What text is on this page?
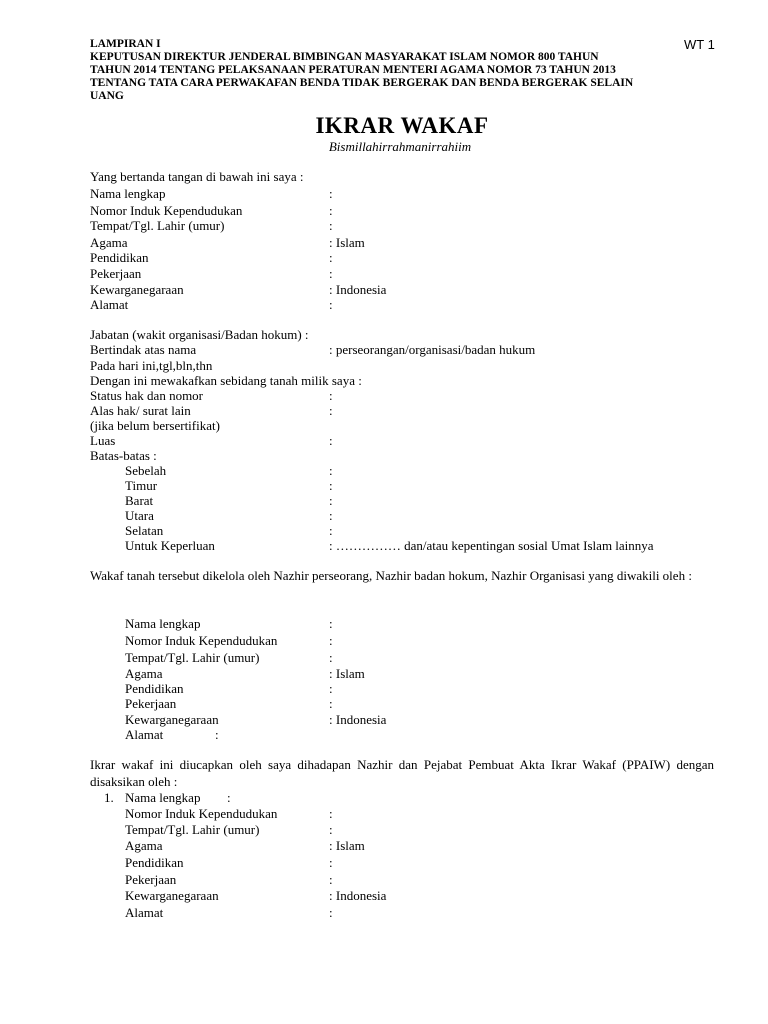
WT 1
LAMPIRAN I
KEPUTUSAN DIREKTUR JENDERAL BIMBINGAN MASYARAKAT ISLAM NOMOR 800 TAHUN
TAHUN 2014 TENTANG PELAKSANAAN PERATURAN MENTERI AGAMA NOMOR 73 TAHUN 2013
TENTANG TATA CARA PERWAKAFAN BENDA TIDAK BERGERAK DAN BENDA BERGERAK SELAIN
UANG
IKRAR WAKAF
Bismillahirrahmanirrahiim
Yang bertanda tangan di bawah ini saya :
Nama lengkap	:
Nomor Induk Kependudukan	:
Tempat/Tgl. Lahir (umur)	:
Agama	: Islam
Pendidikan	:
Pekerjaan	:
Kewarganegaraan	: Indonesia
Alamat	:
Jabatan (wakit organisasi/Badan hokum) :
Bertindak atas nama	: perseorangan/organisasi/badan hukum
Pada hari ini,tgl,bln,thn
Dengan ini mewakafkan sebidang tanah milik saya :
Status hak dan nomor	:
Alas hak/ surat lain	:
(jika belum bersertifikat)
Luas	:
Batas-batas :
Sebelah	:
Timur	:
Barat	:
Utara	:
Selatan	:
Untuk Keperluan	: …………… dan/atau kepentingan sosial Umat Islam lainnya
Wakaf tanah tersebut dikelola oleh Nazhir perseorang, Nazhir badan hokum, Nazhir Organisasi yang diwakili oleh :
Nama lengkap	:
Nomor Induk Kependudukan	:
Tempat/Tgl. Lahir (umur)	:
Agama	: Islam
Pendidikan	:
Pekerjaan	:
Kewarganegaraan	: Indonesia
Alamat	:
Ikrar wakaf ini diucapkan oleh saya dihadapan Nazhir dan Pejabat Pembuat Akta Ikrar Wakaf (PPAIW) dengan disaksikan oleh :
1. Nama lengkap :
Nomor Induk Kependudukan	:
Tempat/Tgl. Lahir (umur)	:
Agama	: Islam
Pendidikan	:
Pekerjaan	:
Kewarganegaraan	: Indonesia
Alamat	:
